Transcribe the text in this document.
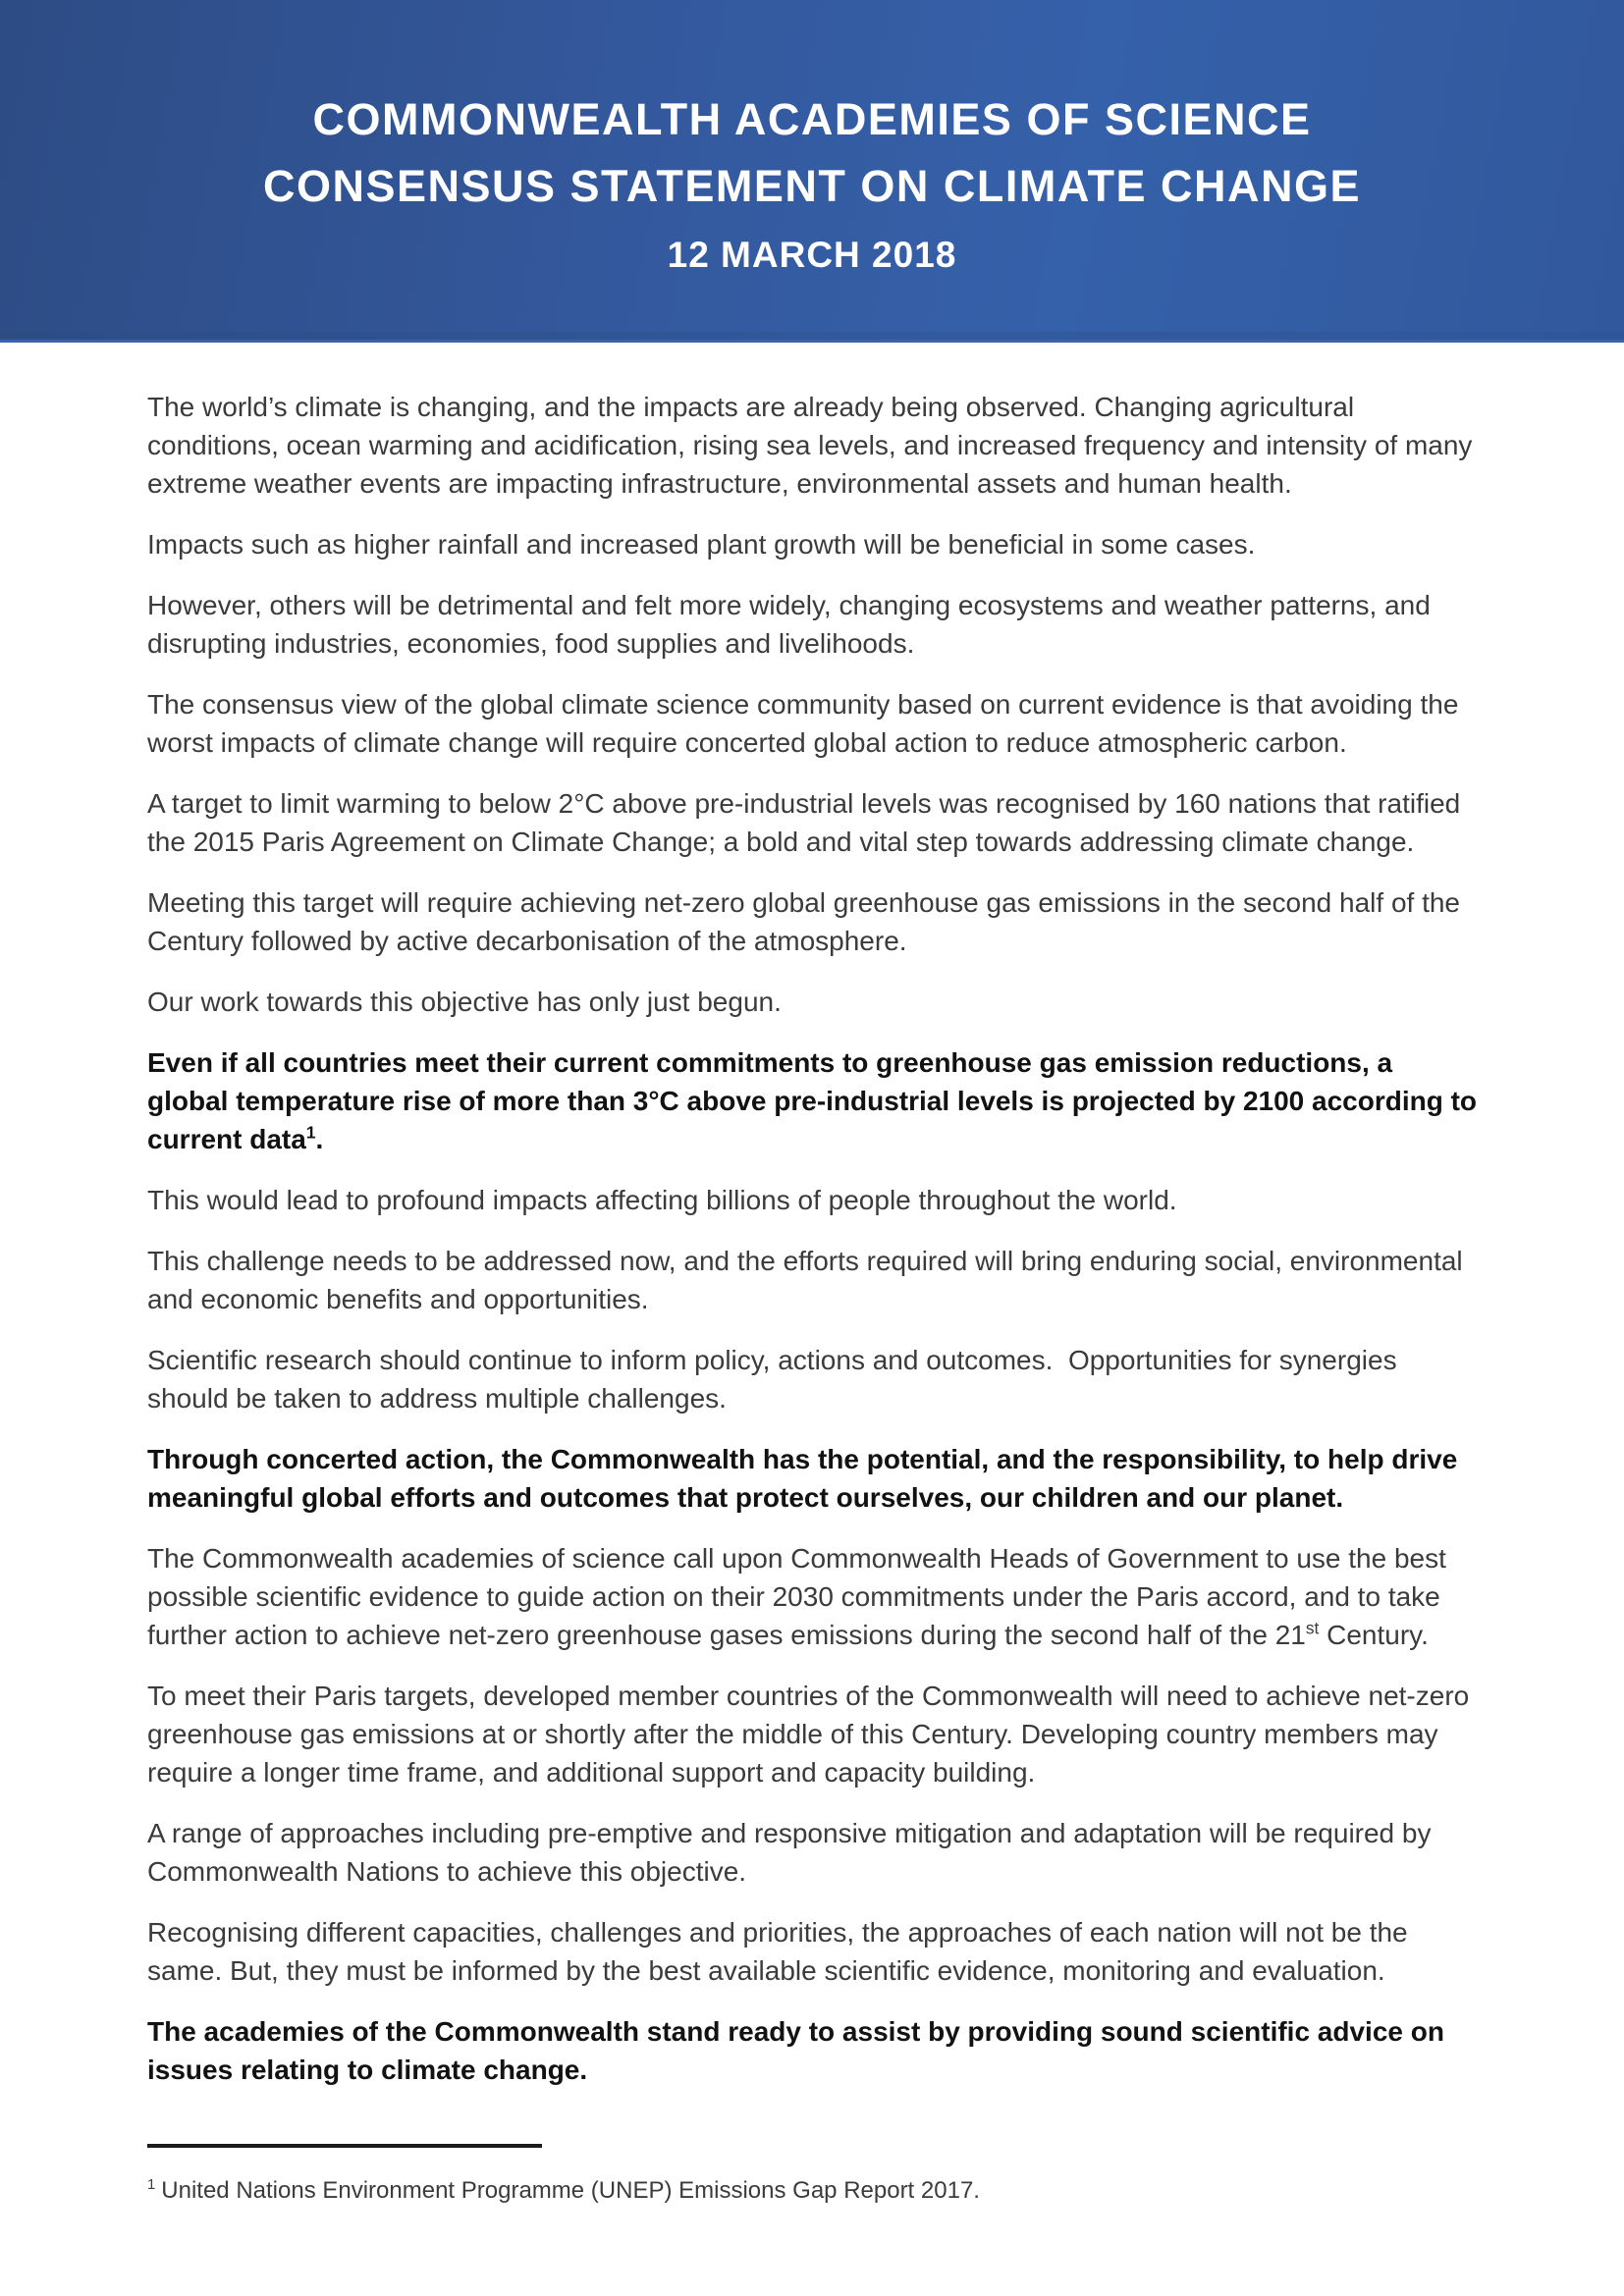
COMMONWEALTH ACADEMIES OF SCIENCE
CONSENSUS STATEMENT ON CLIMATE CHANGE
12 MARCH 2018
The world’s climate is changing, and the impacts are already being observed. Changing agricultural conditions, ocean warming and acidification, rising sea levels, and increased frequency and intensity of many extreme weather events are impacting infrastructure, environmental assets and human health.
Impacts such as higher rainfall and increased plant growth will be beneficial in some cases.
However, others will be detrimental and felt more widely, changing ecosystems and weather patterns, and disrupting industries, economies, food supplies and livelihoods.
The consensus view of the global climate science community based on current evidence is that avoiding the worst impacts of climate change will require concerted global action to reduce atmospheric carbon.
A target to limit warming to below 2°C above pre-industrial levels was recognised by 160 nations that ratified the 2015 Paris Agreement on Climate Change; a bold and vital step towards addressing climate change.
Meeting this target will require achieving net-zero global greenhouse gas emissions in the second half of the Century followed by active decarbonisation of the atmosphere.
Our work towards this objective has only just begun.
Even if all countries meet their current commitments to greenhouse gas emission reductions, a global temperature rise of more than 3°C above pre-industrial levels is projected by 2100 according to current data$^1$.
This would lead to profound impacts affecting billions of people throughout the world.
This challenge needs to be addressed now, and the efforts required will bring enduring social, environmental and economic benefits and opportunities.
Scientific research should continue to inform policy, actions and outcomes.  Opportunities for synergies should be taken to address multiple challenges.
Through concerted action, the Commonwealth has the potential, and the responsibility, to help drive meaningful global efforts and outcomes that protect ourselves, our children and our planet.
The Commonwealth academies of science call upon Commonwealth Heads of Government to use the best possible scientific evidence to guide action on their 2030 commitments under the Paris accord, and to take further action to achieve net-zero greenhouse gases emissions during the second half of the 21st Century.
To meet their Paris targets, developed member countries of the Commonwealth will need to achieve net-zero greenhouse gas emissions at or shortly after the middle of this Century. Developing country members may require a longer time frame, and additional support and capacity building.
A range of approaches including pre-emptive and responsive mitigation and adaptation will be required by Commonwealth Nations to achieve this objective.
Recognising different capacities, challenges and priorities, the approaches of each nation will not be the same. But, they must be informed by the best available scientific evidence, monitoring and evaluation.
The academies of the Commonwealth stand ready to assist by providing sound scientific advice on issues relating to climate change.
$^1$ United Nations Environment Programme (UNEP) Emissions Gap Report 2017.
